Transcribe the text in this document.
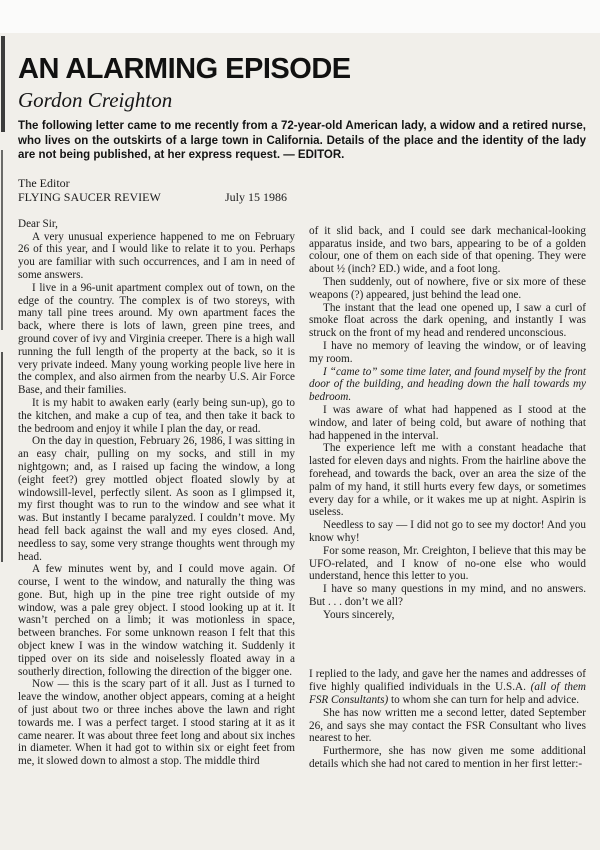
AN ALARMING EPISODE
Gordon Creighton

The following letter came to me recently from a 72-year-old American lady, a widow and a retired nurse, who lives on the outskirts of a large town in California. Details of the place and the identity of the lady are not being published, at her express request. — EDITOR.

The Editor
FLYING SAUCER REVIEW	July 15 1986

Dear Sir,

A very unusual experience happened to me on February 26 of this year, and I would like to relate it to you. Perhaps you are familiar with such occurrences, and I am in need of some answers.

I live in a 96-unit apartment complex out of town, on the edge of the country. The complex is of two storeys, with many tall pine trees around. My own apartment faces the back, where there is lots of lawn, green pine trees, and ground cover of ivy and Virginia creeper. There is a high wall running the full length of the property at the back, so it is very private indeed. Many young working people live here in the complex, and also airmen from the nearby U.S. Air Force Base, and their families.

It is my habit to awaken early (early being sun-up), go to the kitchen, and make a cup of tea, and then take it back to the bedroom and enjoy it while I plan the day, or read.

On the day in question, February 26, 1986, I was sitting in an easy chair, pulling on my socks, and still in my nightgown; and, as I raised up facing the window, a long (eight feet?) grey mottled object floated slowly by at windowsill-level, perfectly silent. As soon as I glimpsed it, my first thought was to run to the window and see what it was. But instantly I became paralyzed. I couldn’t move. My head fell back against the wall and my eyes closed. And, needless to say, some very strange thoughts went through my head.

A few minutes went by, and I could move again. Of course, I went to the window, and naturally the thing was gone. But, high up in the pine tree right outside of my window, was a pale grey object. I stood looking up at it. It wasn’t perched on a limb; it was motionless in space, between branches. For some unknown reason I felt that this object knew I was in the window watching it. Suddenly it tipped over on its side and noiselessly floated away in a southerly direction, following the direction of the bigger one.

Now — this is the scary part of it all. Just as I turned to leave the window, another object appears, coming at a height of just about two or three inches above the lawn and right towards me. I was a perfect target. I stood staring at it as it came nearer. It was about three feet long and about six inches in diameter. When it had got to within six or eight feet from me, it slowed down to almost a stop. The middle third

of it slid back, and I could see dark mechanical-looking apparatus inside, and two bars, appearing to be of a golden colour, one of them on each side of that opening. They were about ½ (inch? ED.) wide, and a foot long.

Then suddenly, out of nowhere, five or six more of these weapons (?) appeared, just behind the lead one.

The instant that the lead one opened up, I saw a curl of smoke float across the dark opening, and instantly I was struck on the front of my head and rendered unconscious.

I have no memory of leaving the window, or of leaving my room.

I “came to” some time later, and found myself by the front door of the building, and heading down the hall towards my bedroom.

I was aware of what had happened as I stood at the window, and later of being cold, but aware of nothing that had happened in the interval.

The experience left me with a constant headache that lasted for eleven days and nights. From the hairline above the forehead, and towards the back, over an area the size of the palm of my hand, it still hurts every few days, or sometimes every day for a while, or it wakes me up at night. Aspirin is useless.

Needless to say — I did not go to see my doctor! And you know why!

For some reason, Mr. Creighton, I believe that this may be UFO-related, and I know of no-one else who would understand, hence this letter to you.

I have so many questions in my mind, and no answers. But . . . don’t we all?

Yours sincerely,

I replied to the lady, and gave her the names and addresses of five highly qualified individuals in the U.S.A. (all of them FSR Consultants) to whom she can turn for help and advice.

She has now written me a second letter, dated September 26, and says she may contact the FSR Consultant who lives nearest to her.

Furthermore, she has now given me some additional details which she had not cared to mention in her first letter:-
